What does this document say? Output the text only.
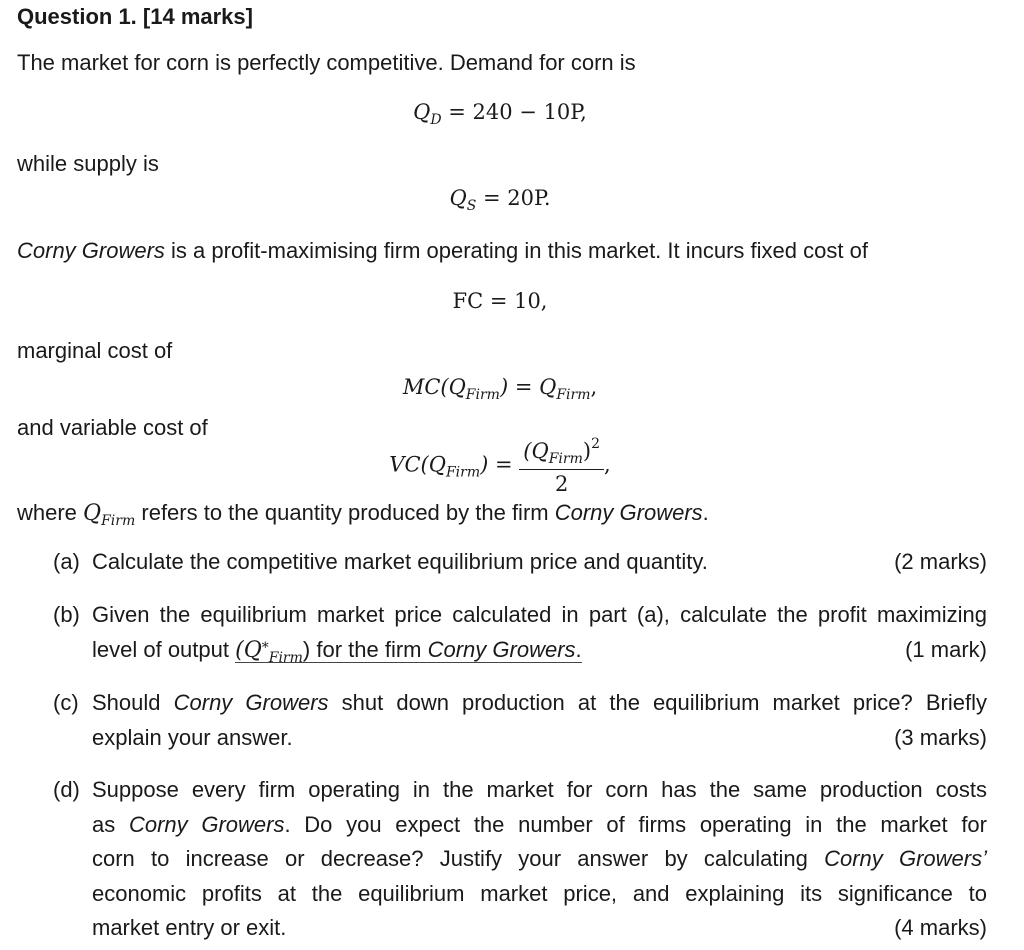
Question 1. [14 marks]
The market for corn is perfectly competitive. Demand for corn is
$Q_D = 240 - 10P$,
while supply is
$Q_S = 20P$.
Corny Growers is a profit-maximising firm operating in this market. It incurs fixed cost of
FC = 10,
marginal cost of
$MC(Q_{Firm}) = Q_{Firm}$,
and variable cost of
$VC(Q_{Firm}) = \frac{(Q_{Firm})^2}{2}$ ,
where $Q_{Firm}$ refers to the quantity produced by the firm Corny Growers.
(a) Calculate the competitive market equilibrium price and quantity.	(2 marks)
(b) Given the equilibrium market price calculated in part (a), calculate the profit maximizing
level of output $(Q_{*Firm})$ for the firm Corny Growers.	(1 mark)
(c) Should Corny Growers shut down production at the equilibrium market price? Briefly
explain your answer.	(3 marks)
(d) Suppose every firm operating in the market for corn has the same production costs
as Corny Growers. Do you expect the number of firms operating in the market for
corn to increase or decrease? Justify your answer by calculating Corny Growers’
economic profits at the equilibrium market price, and explaining its significance to
market entry or exit.	(4 marks)
